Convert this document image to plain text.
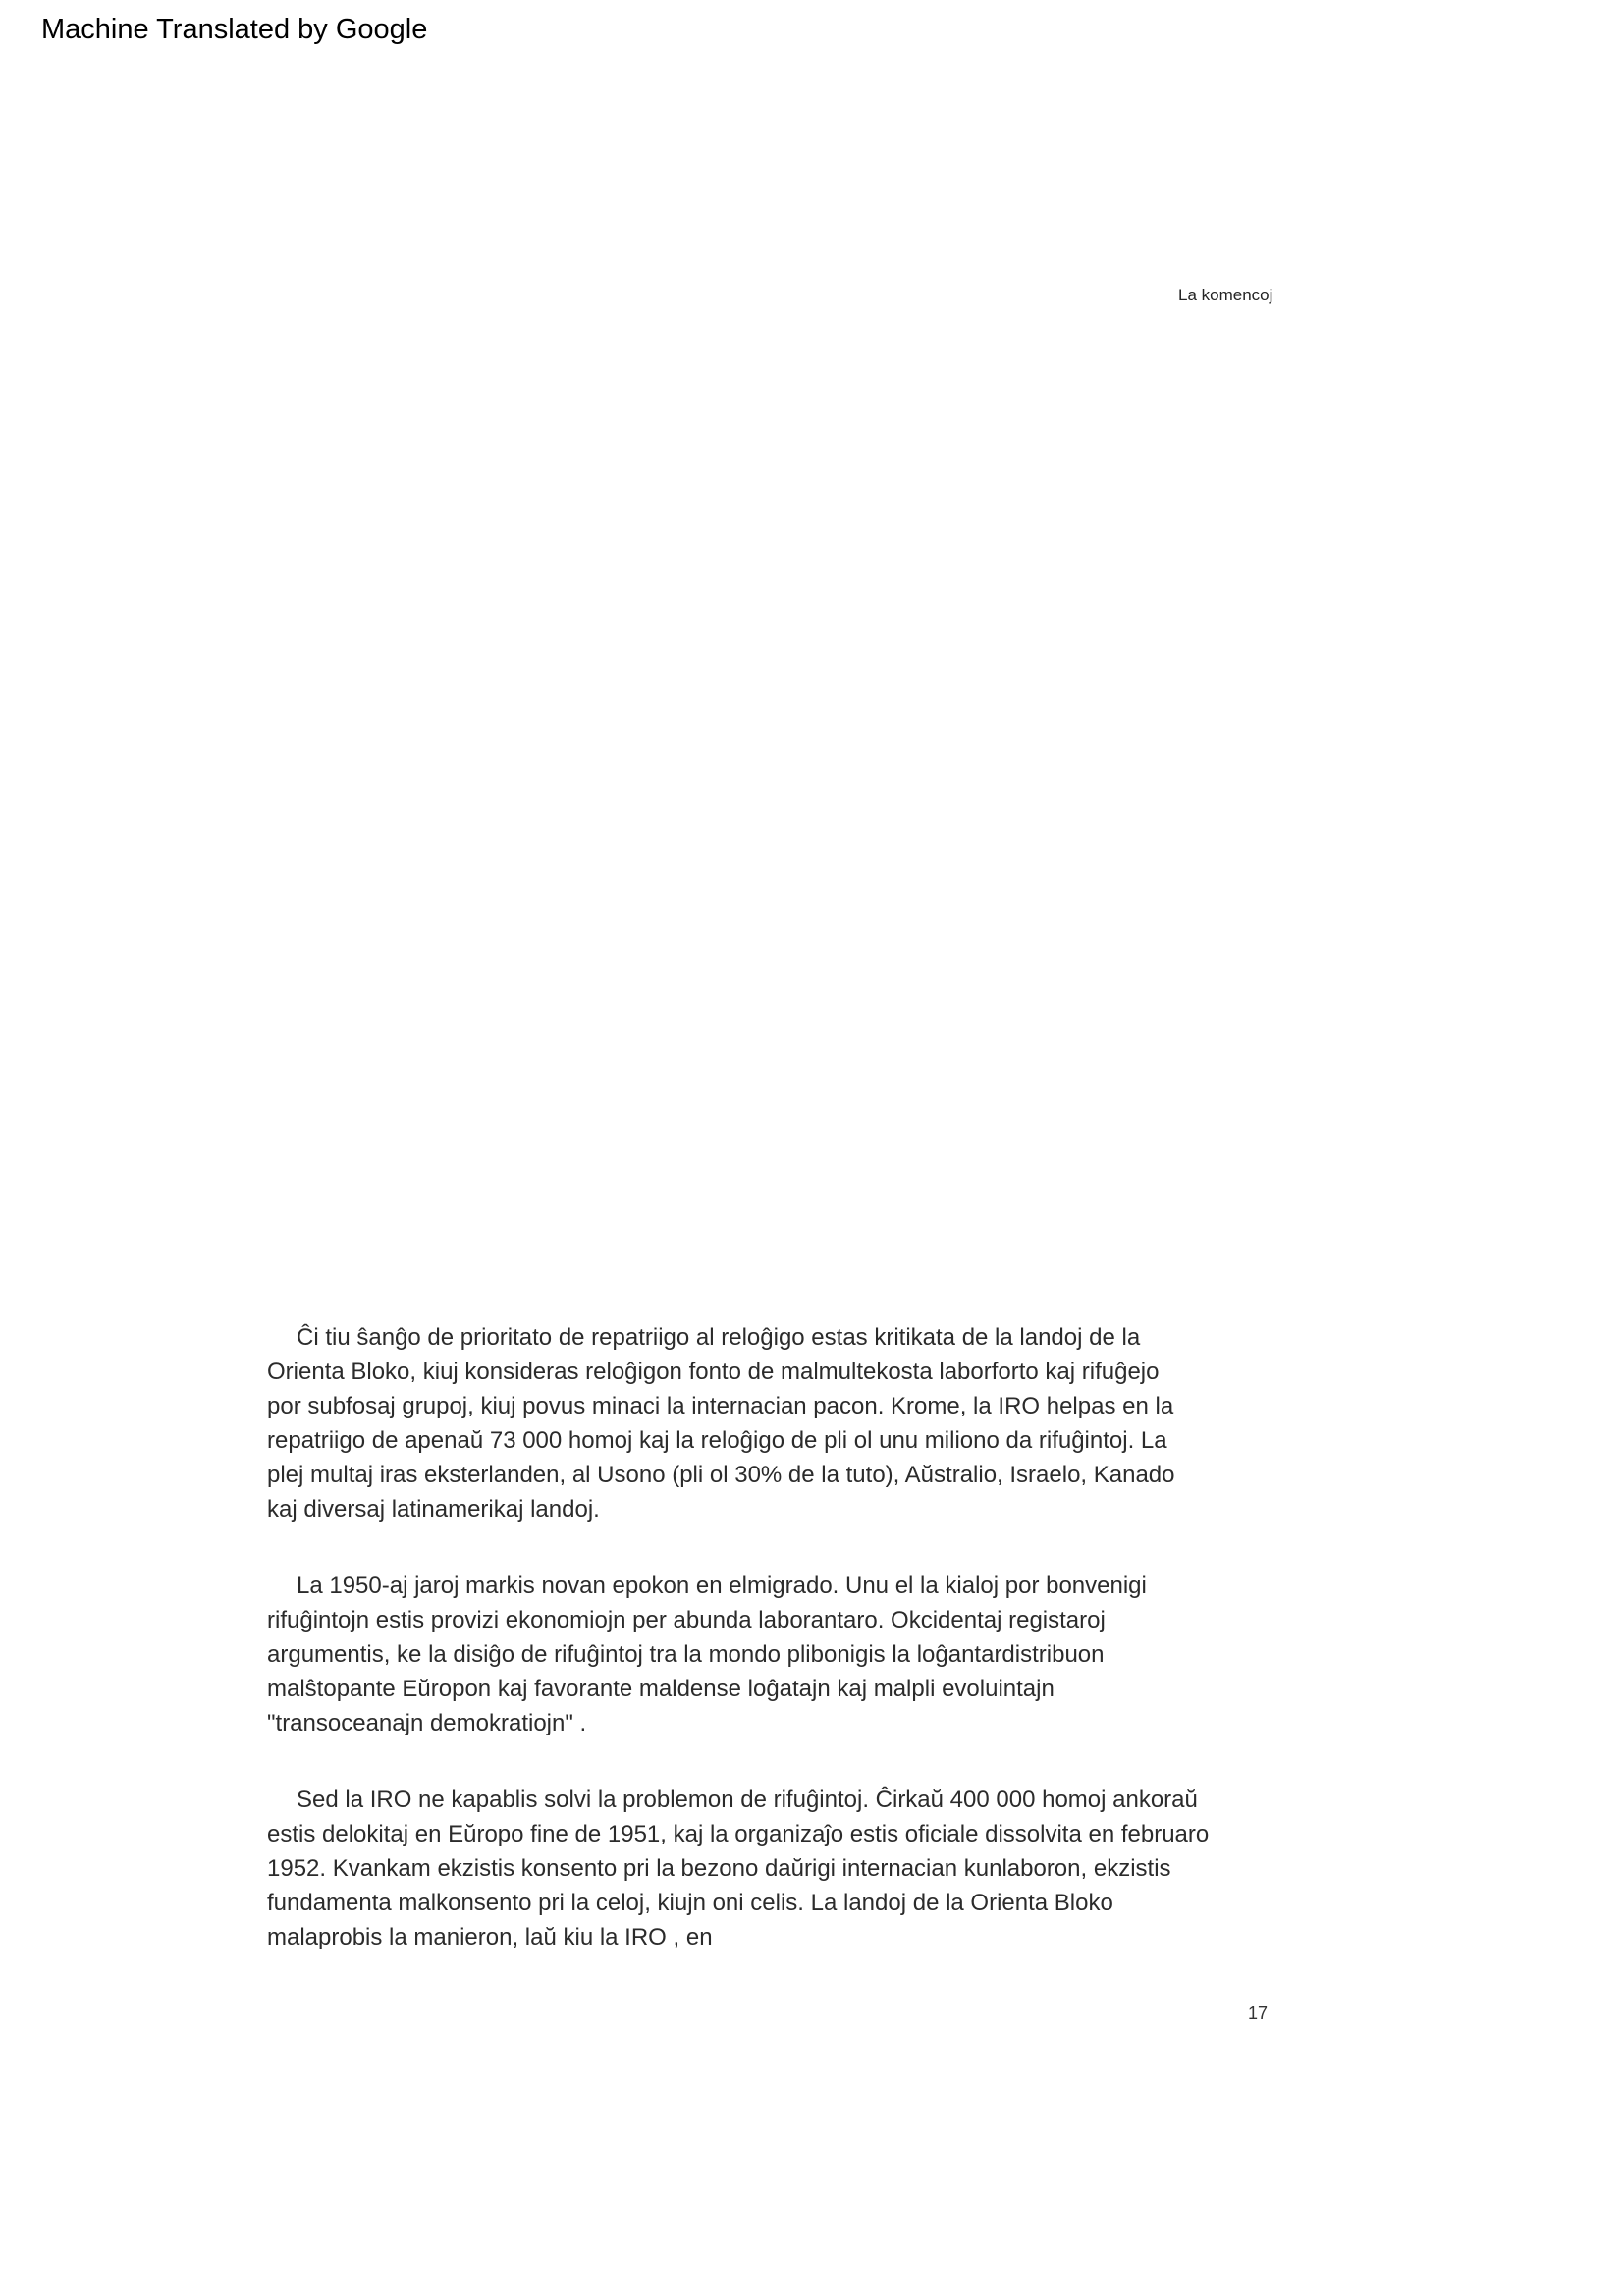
Machine Translated by Google
La komencoj

Ĉi tiu ŝanĝo de prioritato de repatriigo al reloĝigo estas kritikata de la landoj de la
Orienta Bloko, kiuj konsideras reloĝigon fonto de malmultekosta laborforto kaj rifuĝejo
por subfosaj grupoj, kiuj povus minaci la internacian pacon. Krome, la IRO helpas en la
repatriigo de apenaŭ 73 000 homoj kaj la reloĝigo de pli ol unu miliono da rifuĝintoj. La
plej multaj iras eksterlanden, al Usono (pli ol 30% de la tuto), Aŭstralio, Israelo, Kanado
kaj diversaj latinamerikaj landoj.

La 1950-aj jaroj markis novan epokon en elmigrado. Unu el la kialoj por bonvenigi
rifuĝintojn estis provizi ekonomiojn per abunda laborantaro. Okcidentaj registaroj
argumentis, ke la disiĝo de rifuĝintoj tra la mondo plibonigis la loĝantardistribuon
malŝtopante Eŭropon kaj favorante maldense loĝatajn kaj malpli evoluintajn
"transoceanajn demokratiojn" .

Sed la IRO ne kapablis solvi la problemon de rifuĝintoj. Ĉirkaŭ 400 000 homoj ankoraŭ
estis delokitaj en Eŭropo fine de 1951, kaj la organizaĵo estis oficiale dissolvita en februaro
1952. Kvankam ekzistis konsento pri la bezono daŭrigi internacian kunlaboron, ekzistis
fundamenta malkonsento pri la celoj, kiujn oni celis. La landoj de la Orienta Bloko
malaprobis la manieron, laŭ kiu la IRO , en

17
